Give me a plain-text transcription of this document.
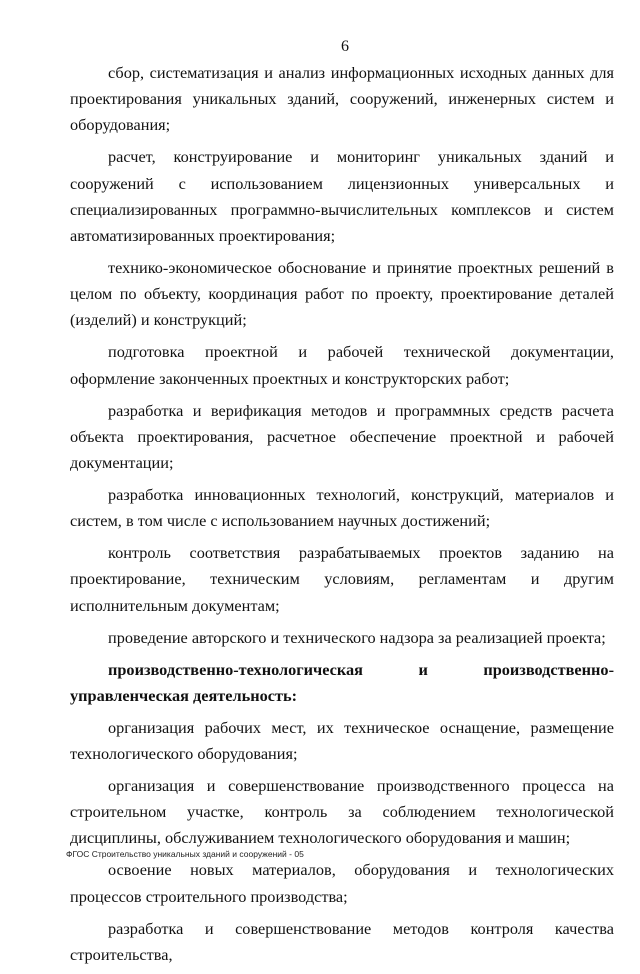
6

сбор, систематизация и анализ информационных исходных данных для проектирования уникальных зданий, сооружений, инженерных систем и оборудования;

расчет, конструирование и мониторинг уникальных зданий и сооружений с использованием лицензионных универсальных и специализированных программно-вычислительных комплексов и систем автоматизированных проектирования;

технико-экономическое обоснование и принятие проектных решений в целом по объекту, координация работ по проекту, проектирование деталей (изделий) и конструкций;

подготовка проектной и рабочей технической документации, оформление законченных проектных и конструкторских работ;

разработка и верификация методов и программных средств расчета объекта проектирования, расчетное обеспечение проектной и рабочей документации;

разработка инновационных технологий, конструкций, материалов и систем, в том числе с использованием научных достижений;

контроль соответствия разрабатываемых проектов заданию на проектирование, техническим условиям, регламентам и другим исполнительным документам;

проведение авторского и технического надзора за реализацией проекта;

производственно-технологическая и производственно-управленческая деятельность:

организация рабочих мест, их техническое оснащение, размещение технологического оборудования;

организация и совершенствование производственного процесса на строительном участке, контроль за соблюдением технологической дисциплины, обслуживанием технологического оборудования и машин;

освоение новых материалов, оборудования и технологических процессов строительного производства;

разработка и совершенствование методов контроля качества строительства,

ФГОС Строительство уникальных зданий и сооружений - 05
